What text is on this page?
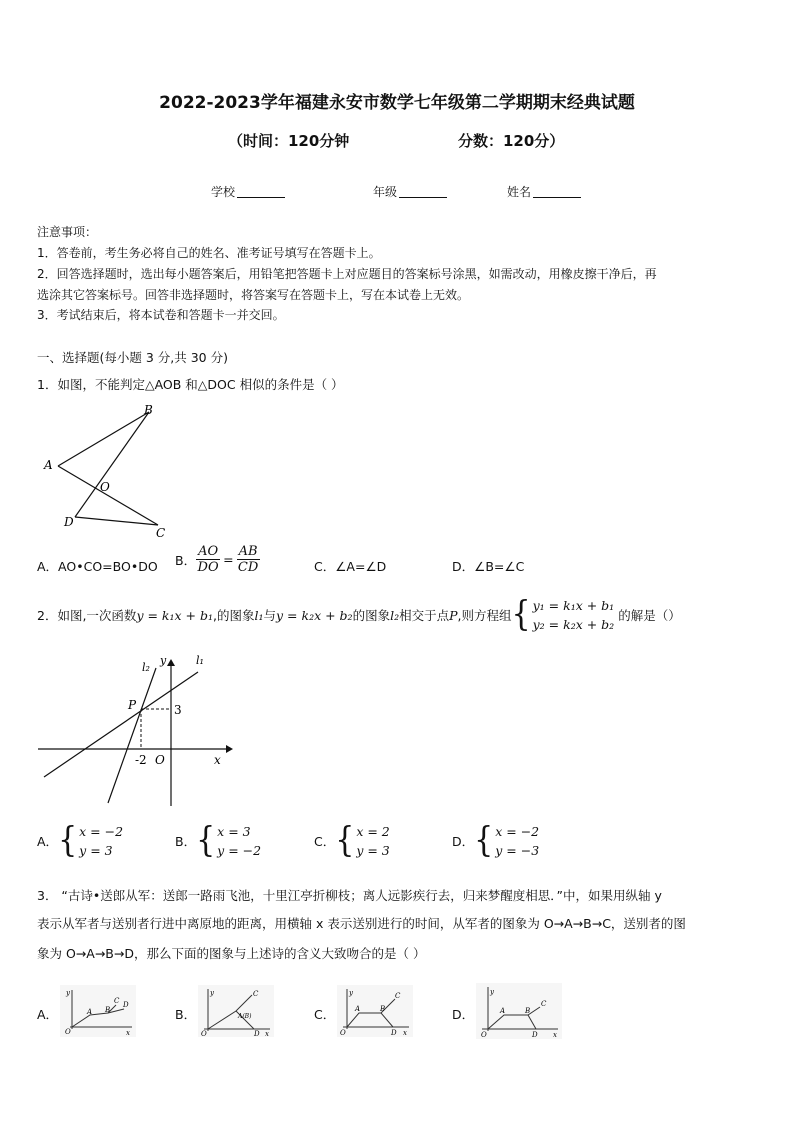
2022-2023学年福建永安市数学七年级第二学期期末经典试题
（时间：120分钟	分数：120分）
学校	年级	姓名
注意事项：
1．答卷前，考生务必将自己的姓名、准考证号填写在答题卡上。
2．回答选择题时，选出每小题答案后，用铅笔把答题卡上对应题目的答案标号涂黑，如需改动，用橡皮擦干净后，再
选涂其它答案标号。回答非选择题时，将答案写在答题卡上，写在本试卷上无效。
3．考试结束后，将本试卷和答题卡一并交回。
一、选择题(每小题 3 分,共 30 分)
1．如图，不能判定△AOB 和△DOC 相似的条件是（ ）
B
A
O
D
C
A．AO•CO=BO•DO B． $\frac{AO}{DO} = \frac{AB}{CD}$	C．∠A=∠D	D．∠B=∠C
2．如图,一次函数 y = k₁x + b₁ ,的图象 l₁ 与 y = k₂x + b₂ 的图象 l₂ 相交于点 P ,则方程组 { y₁ = k₁x + b₁
y₂ = k₂x + b₂
的解是（）
l₂
y	l₁
P	3
-2 O	x
A． { x = −2
y = 3
B． { x = 3
y = −2
C． { x = 2
y = 3
D． { x = −2
y = −3
3． “古诗•送郎从军：送郎一路雨飞池，十里江亭折柳枝；离人远影疾行去，归来梦醒度相思．”中，如果用纵轴 y
表示从军者与送别者行进中离原地的距离，用横轴 x 表示送别进行的时间，从军者的图象为 O→A→B→C，送别者的图
象为 O→A→B→D，那么下面的图象与上述诗的含义大致吻合的是（ ）
A．
y
O
A B
C D
x
B．
y
O
A(B)
C
D x
C．
y
O
A	B
C
D x
D．
y
O
A	B
C
D x
